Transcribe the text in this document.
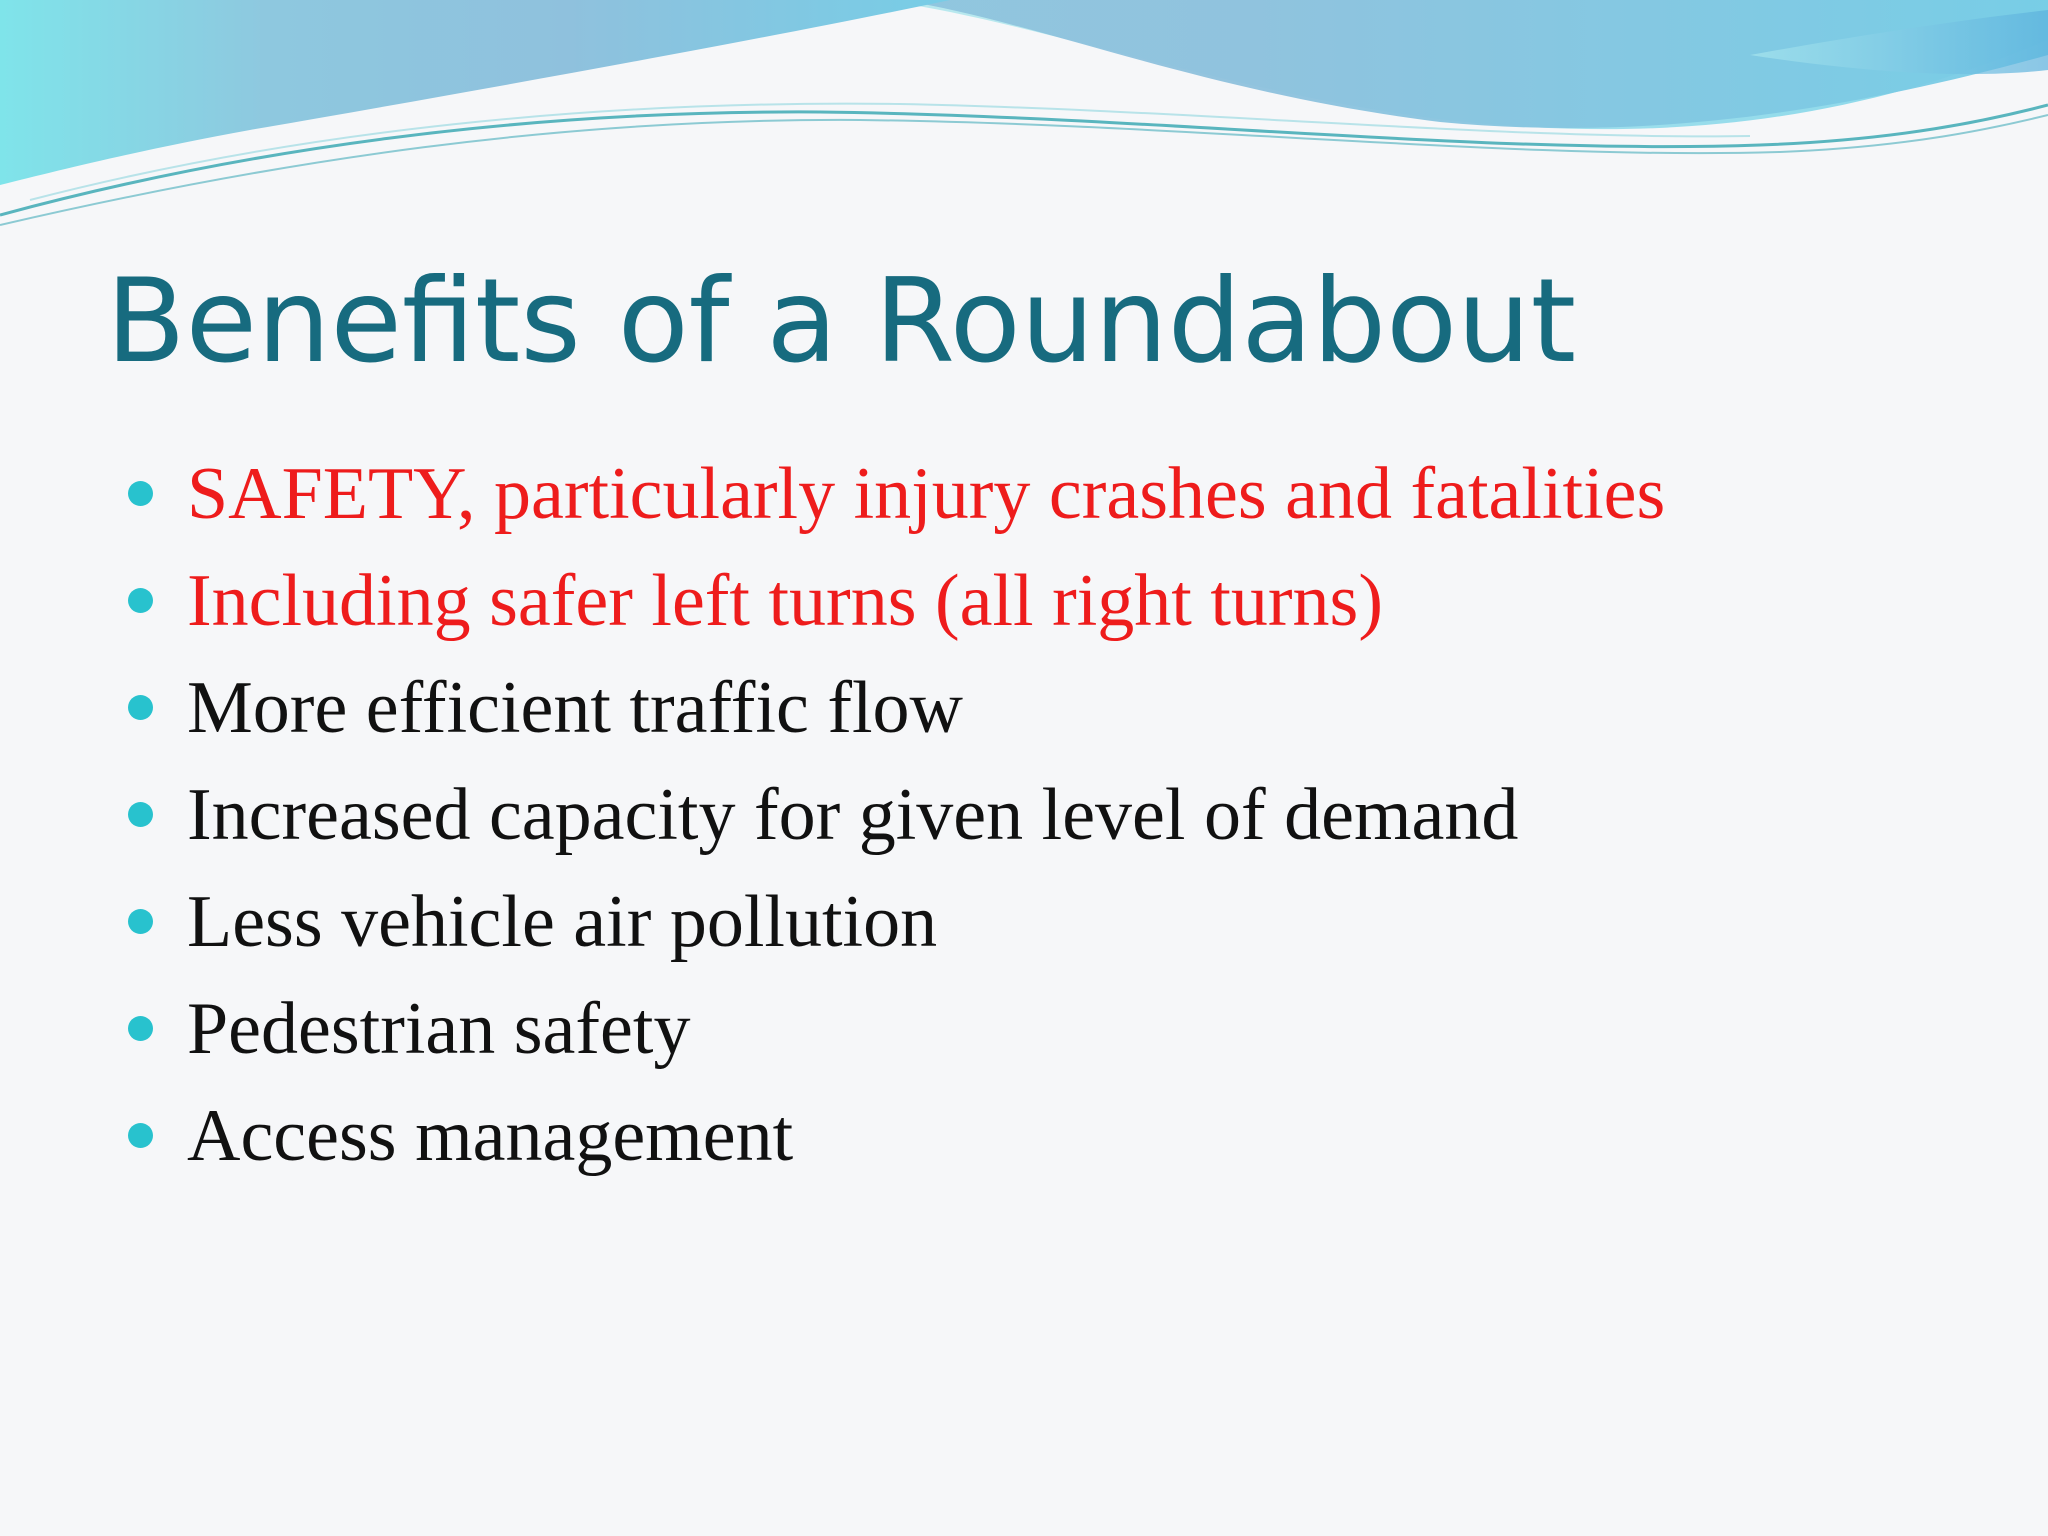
Benefits of a Roundabout
SAFETY, particularly injury crashes and fatalities
Including safer left turns (all right turns)
More efficient traffic flow
Increased capacity for given level of demand
Less vehicle air pollution
Pedestrian safety
Access management
